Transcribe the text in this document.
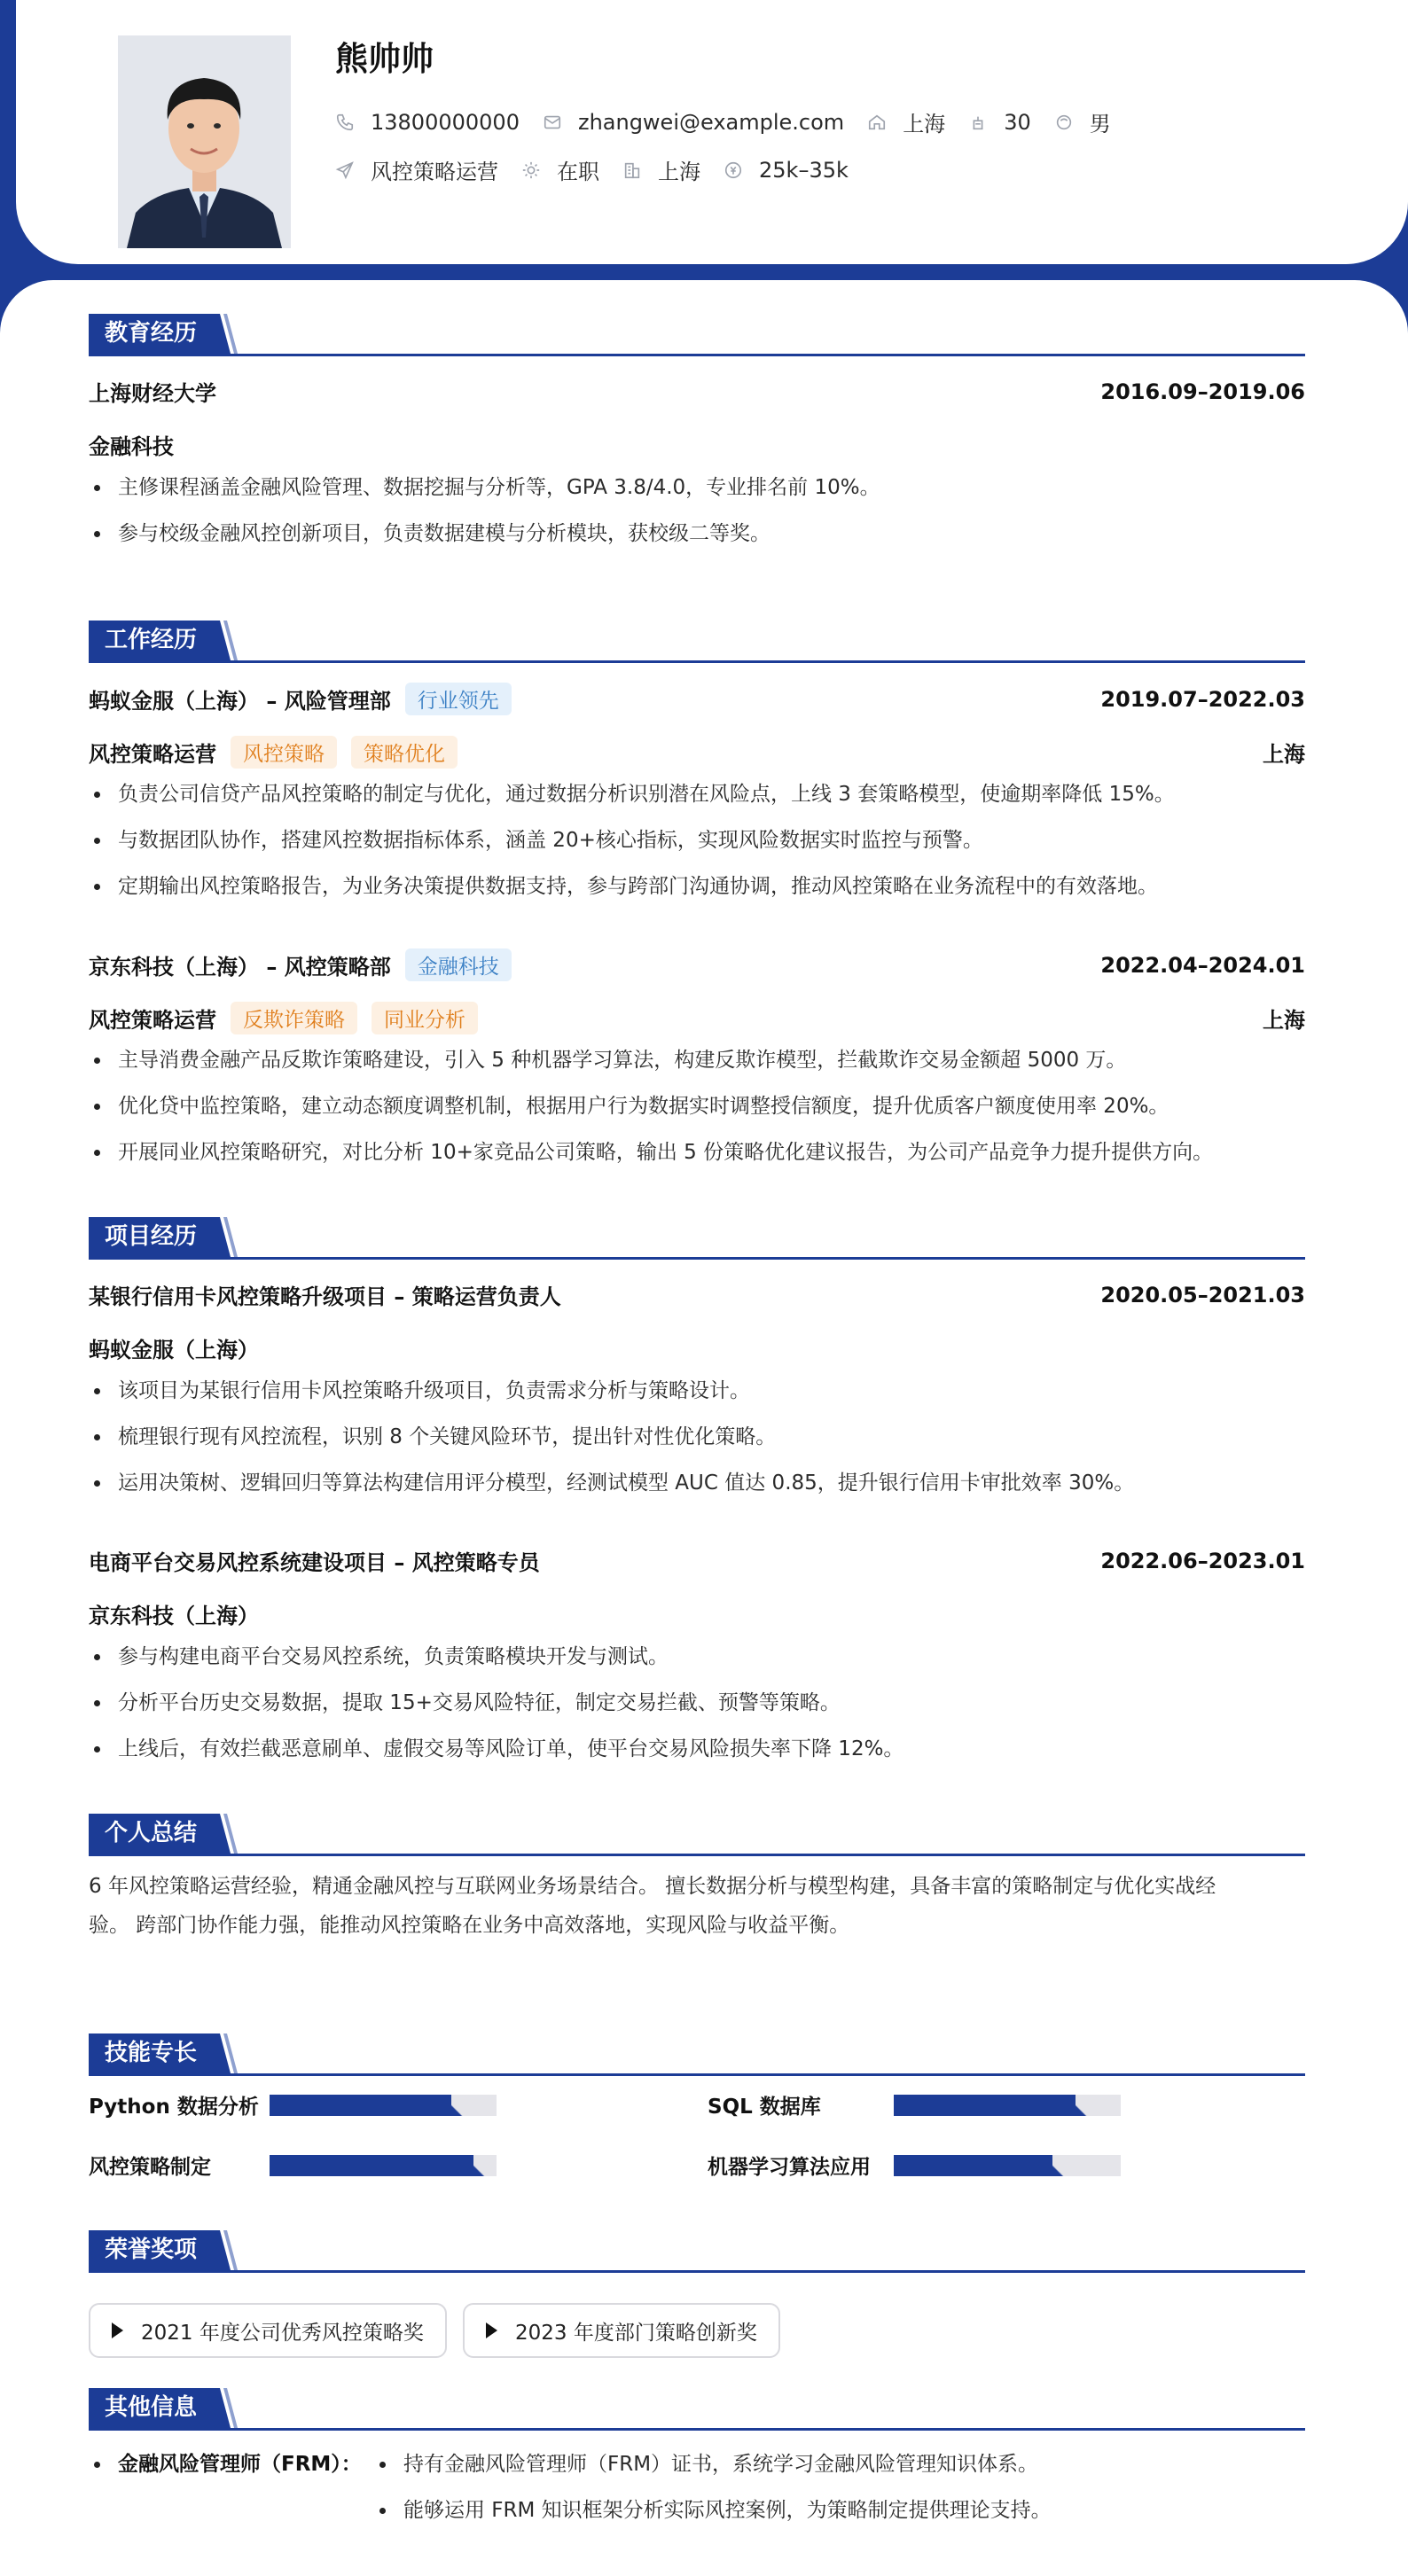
熊帅帅
13800000000	zhangwei@example.com	上海	30	男
风控策略运营	在职	上海	25k–35k
教育经历
上海财经大学	2016.09–2019.06
金融科技
主修课程涵盖金融风险管理、数据挖掘与分析等，GPA 3.8/4.0，专业排名前 10%。
参与校级金融风控创新项目，负责数据建模与分析模块，获校级二等奖。
工作经历
蚂蚁金服（上海） – 风险管理部	行业领先	2019.07–2022.03
风控策略运营	风控策略	策略优化	上海
负责公司信贷产品风控策略的制定与优化，通过数据分析识别潜在风险点，上线 3 套策略模型，使逾期率降低 15%。
与数据团队协作，搭建风控数据指标体系，涵盖 20+核心指标，实现风险数据实时监控与预警。
定期输出风控策略报告，为业务决策提供数据支持，参与跨部门沟通协调，推动风控策略在业务流程中的有效落地。
京东科技（上海） – 风控策略部	金融科技	2022.04–2024.01
风控策略运营	反欺诈策略	同业分析	上海
主导消费金融产品反欺诈策略建设，引入 5 种机器学习算法，构建反欺诈模型，拦截欺诈交易金额超 5000 万。
优化贷中监控策略，建立动态额度调整机制，根据用户行为数据实时调整授信额度，提升优质客户额度使用率 20%。
开展同业风控策略研究，对比分析 10+家竞品公司策略，输出 5 份策略优化建议报告，为公司产品竞争力提升提供方向。
项目经历
某银行信用卡风控策略升级项目 – 策略运营负责人	2020.05–2021.03
蚂蚁金服（上海）
该项目为某银行信用卡风控策略升级项目，负责需求分析与策略设计。
梳理银行现有风控流程，识别 8 个关键风险环节，提出针对性优化策略。
运用决策树、逻辑回归等算法构建信用评分模型，经测试模型 AUC 值达 0.85，提升银行信用卡审批效率 30%。
电商平台交易风控系统建设项目 – 风控策略专员	2022.06–2023.01
京东科技（上海）
参与构建电商平台交易风控系统，负责策略模块开发与测试。
分析平台历史交易数据，提取 15+交易风险特征，制定交易拦截、预警等策略。
上线后，有效拦截恶意刷单、虚假交易等风险订单，使平台交易风险损失率下降 12%。
个人总结
6 年风控策略运营经验，精通金融风控与互联网业务场景结合。 擅长数据分析与模型构建，具备丰富的策略制定与优化实战经
验。 跨部门协作能力强，能推动风控策略在业务中高效落地，实现风险与收益平衡。
技能专长
Python 数据分析	SQL 数据库
风控策略制定	机器学习算法应用
荣誉奖项
2021 年度公司优秀风控策略奖	2023 年度部门策略创新奖
其他信息
金融风险管理师（FRM）：	持有金融风险管理师（FRM）证书，系统学习金融风险管理知识体系。
能够运用 FRM 知识框架分析实际风控案例，为策略制定提供理论支持。
